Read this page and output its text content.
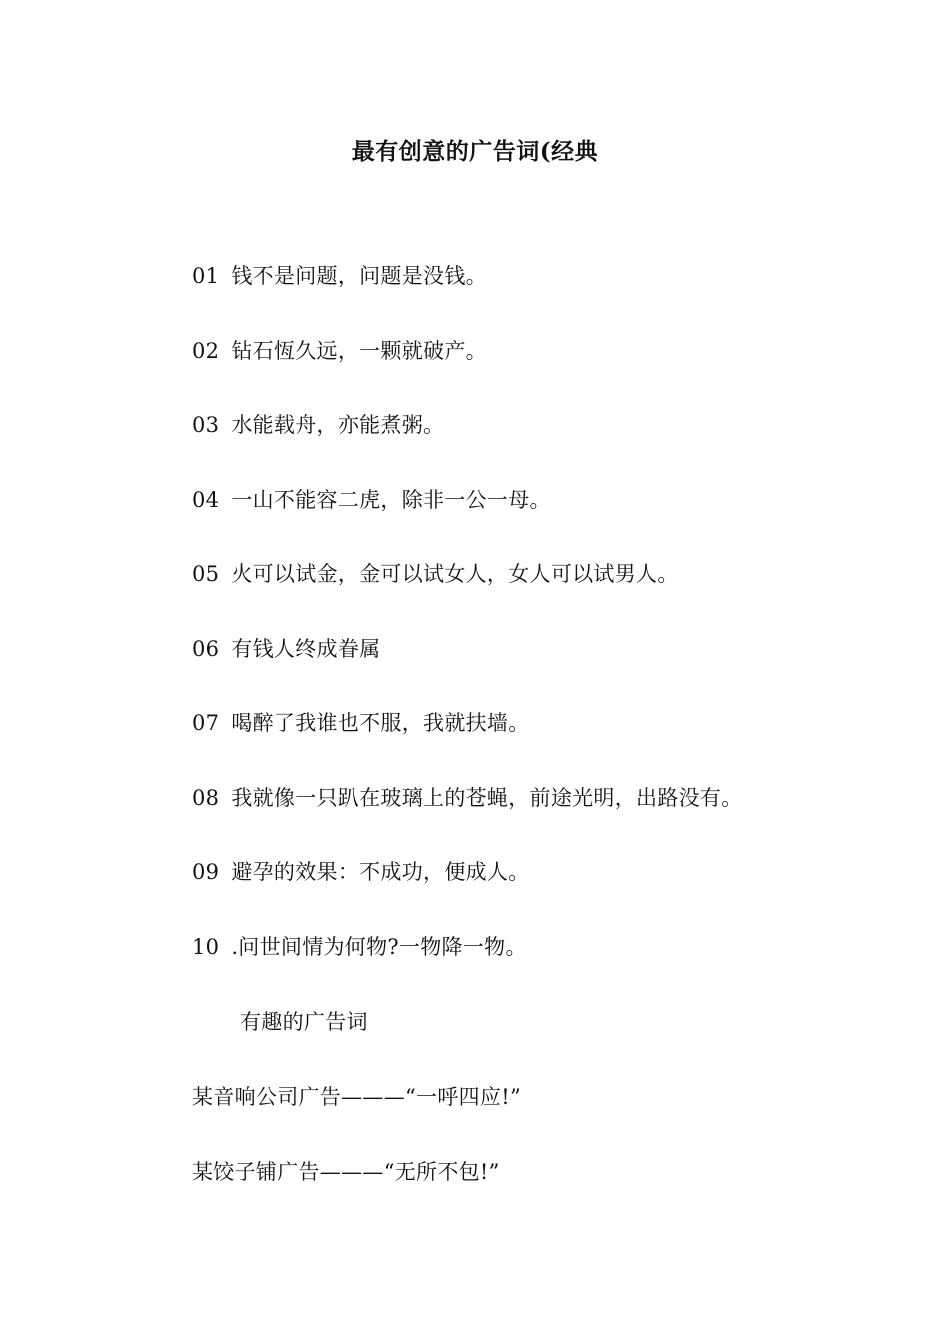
最有创意的广告词(经典
01 钱不是问题，问题是没钱。
02 钻石恆久远，一颗就破产。
03 水能载舟，亦能煮粥。
04 一山不能容二虎，除非一公一母。
05 火可以试金，金可以试女人，女人可以试男人。
06 有钱人终成眷属
07 喝醉了我谁也不服，我就扶墙。
08 我就像一只趴在玻璃上的苍蝇，前途光明，出路没有。
09 避孕的效果：不成功，便成人。
10 .问世间情为何物?一物降一物。
有趣的广告词
某音响公司广告———“一呼四应!”
某饺子铺广告———“无所不包!”
